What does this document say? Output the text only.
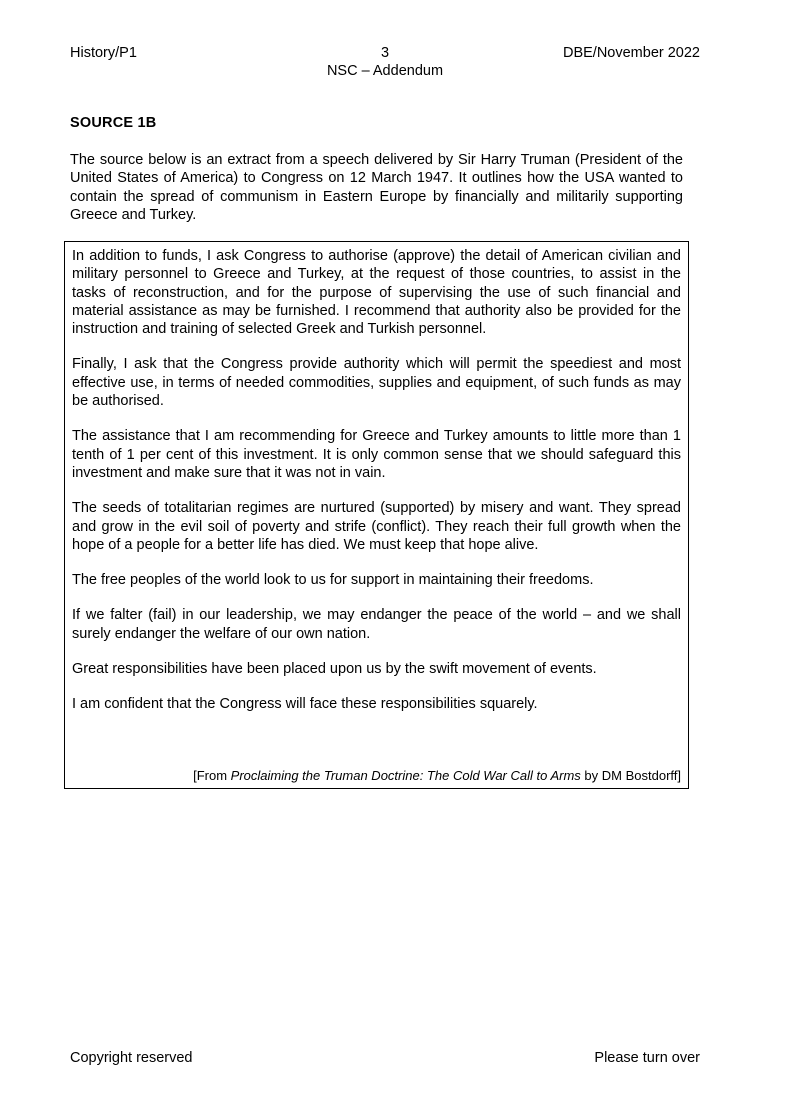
History/P1	3
NSC – Addendum
DBE/November 2022
SOURCE 1B
The source below is an extract from a speech delivered by Sir Harry Truman (President of the United States of America) to Congress on 12 March 1947. It outlines how the USA wanted to contain the spread of communism in Eastern Europe by financially and militarily supporting Greece and Turkey.

In addition to funds, I ask Congress to authorise (approve) the detail of American civilian and military personnel to Greece and Turkey, at the request of those countries, to assist in the tasks of reconstruction, and for the purpose of supervising the use of such financial and material assistance as may be furnished. I recommend that authority also be provided for the instruction and training of selected Greek and Turkish personnel.

Finally, I ask that the Congress provide authority which will permit the speediest and most effective use, in terms of needed commodities, supplies and equipment, of such funds as may be authorised.

The assistance that I am recommending for Greece and Turkey amounts to little more than 1 tenth of 1 per cent of this investment. It is only common sense that we should safeguard this investment and make sure that it was not in vain.

The seeds of totalitarian regimes are nurtured (supported) by misery and want. They spread and grow in the evil soil of poverty and strife (conflict). They reach their full growth when the hope of a people for a better life has died. We must keep that hope alive.

The free peoples of the world look to us for support in maintaining their freedoms.

If we falter (fail) in our leadership, we may endanger the peace of the world – and we shall surely endanger the welfare of our own nation.

Great responsibilities have been placed upon us by the swift movement of events.

I am confident that the Congress will face these responsibilities squarely.

[From Proclaiming the Truman Doctrine: The Cold War Call to Arms by DM Bostdorff]
Copyright reserved	Please turn over
